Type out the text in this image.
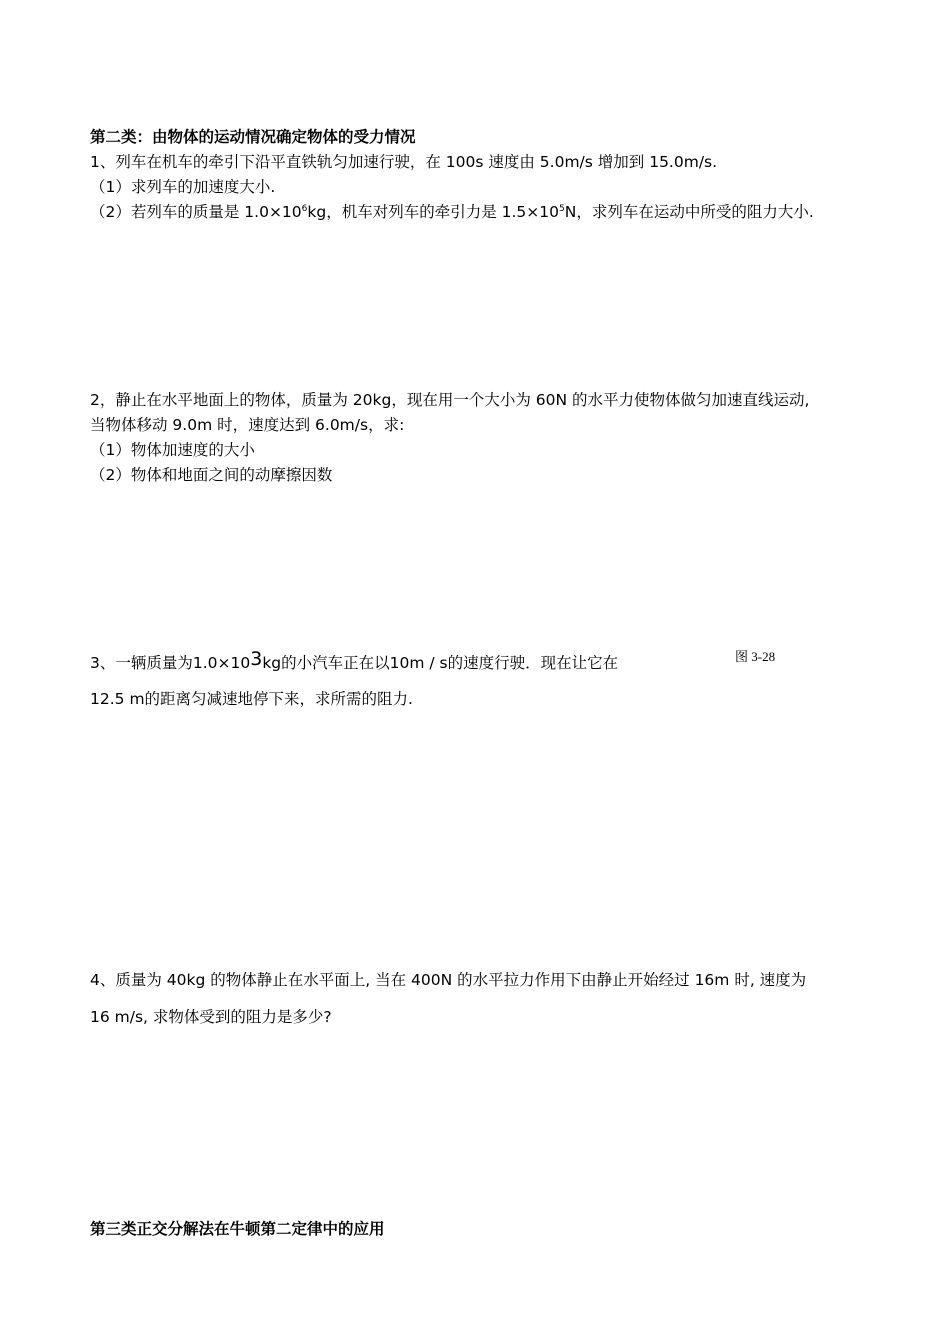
第二类：由物体的运动情况确定物体的受力情况
1、列车在机车的牵引下沿平直铁轨匀加速行驶，在 100s 速度由 5.0m/s 增加到 15.0m/s.
（1）求列车的加速度大小.
（2）若列车的质量是 $1.0\times 10^6kg$，机车对列车的牵引力是 $1.5\times 10^5N$，求列车在运动中所受的阻力大小.
2，静止在水平地面上的物体，质量为 20kg，现在用一个大小为 60N 的水平力使物体做匀加速直线运动,
当物体移动 9.0m 时，速度达到 6.0m/s，求:
（1）物体加速度的大小
（2）物体和地面之间的动摩擦因数
3、一辆质量为1.0×103kg的小汽车正在以10m / s的速度行驶．现在让它在	图 3-28
12.5 m的距离匀减速地停下来，求所需的阻力.
4、质量为 40kg 的物体静止在水平面上, 当在 400N 的水平拉力作用下由静止开始经过 16m 时, 速度为
16 m/s, 求物体受到的阻力是多少?
第三类正交分解法在牛顿第二定律中的应用
